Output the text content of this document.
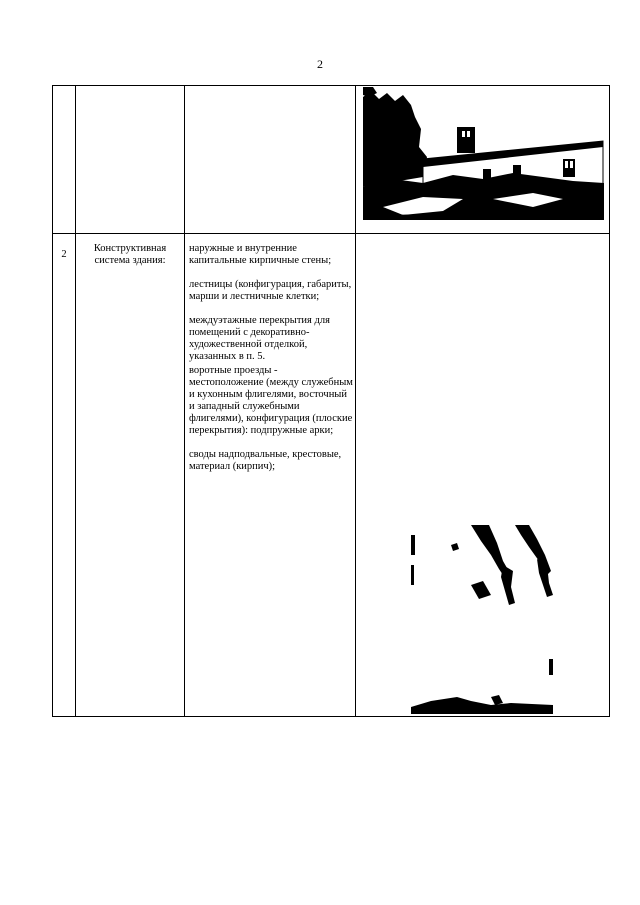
2
2
Конструктивная система здания:

наружные и внутренние капитальные кирпичные стены;

лестницы (конфигурация, габариты, марши и лестничные клетки;

междуэтажные перекрытия для помещений с декоративно-художественной отделкой, указанных в п. 5.

воротные проезды - местоположение (между служебным и кухонным флигелями, восточный и западный служебными флигелями), конфигурация (плоские перекрытия): подпружные арки;

своды надподвальные, крестовые, материал (кирпич);
